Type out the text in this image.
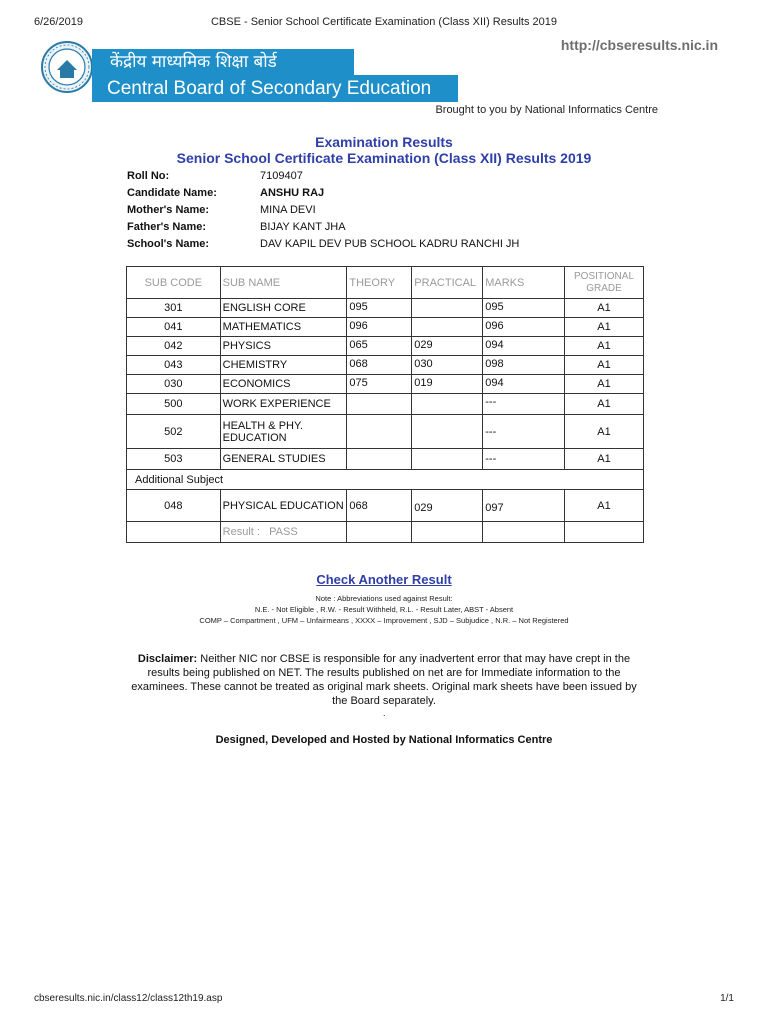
6/26/2019	CBSE - Senior School Certificate Examination (Class XII) Results 2019
केंद्रीय माध्यमिक शिक्षा बोर्ड
Central Board of Secondary Education
http://cbseresults.nic.in
Brought to you by National Informatics Centre
Examination Results
Senior School Certificate Examination (Class XII) Results 2019
Roll No:	7109407
Candidate Name:	ANSHU RAJ
Mother's Name:	MINA DEVI
Father's Name:	BIJAY KANT JHA
School's Name:	DAV KAPIL DEV PUB SCHOOL KADRU RANCHI JH
SUB CODE	SUB NAME	THEORY	PRACTICAL	MARKS	POSITIONAL
GRADE
301	ENGLISH CORE	095		095	A1
041	MATHEMATICS	096		096	A1
042	PHYSICS	065	029	094	A1
043	CHEMISTRY	068	030	098	A1
030	ECONOMICS	075	019	094	A1
500	WORK EXPERIENCE			---	A1
502	HEALTH & PHY. EDUCATION			---	A1
503	GENERAL STUDIES			---	A1
Additional Subject					
048	PHYSICAL EDUCATION	068	029	097	A1
	Result : PASS				
Check Another Result
Note : Abbreviations used against Result:
N.E. - Not Eligible , R.W. - Result Withheld, R.L. - Result Later, ABST - Absent
COMP – Compartment , UFM – Unfairmeans , XXXX – Improvement , SJD – Subjudice , N.R. – Not Registered
Disclaimer: Neither NIC nor CBSE is responsible for any inadvertent error that may have crept in the results being published on NET. The results published on net are for Immediate information to the examinees. These cannot be treated as original mark sheets. Original mark sheets have been issued by the Board separately.
.
Designed, Developed and Hosted by National Informatics Centre
cbseresults.nic.in/class12/class12th19.asp	1/1
